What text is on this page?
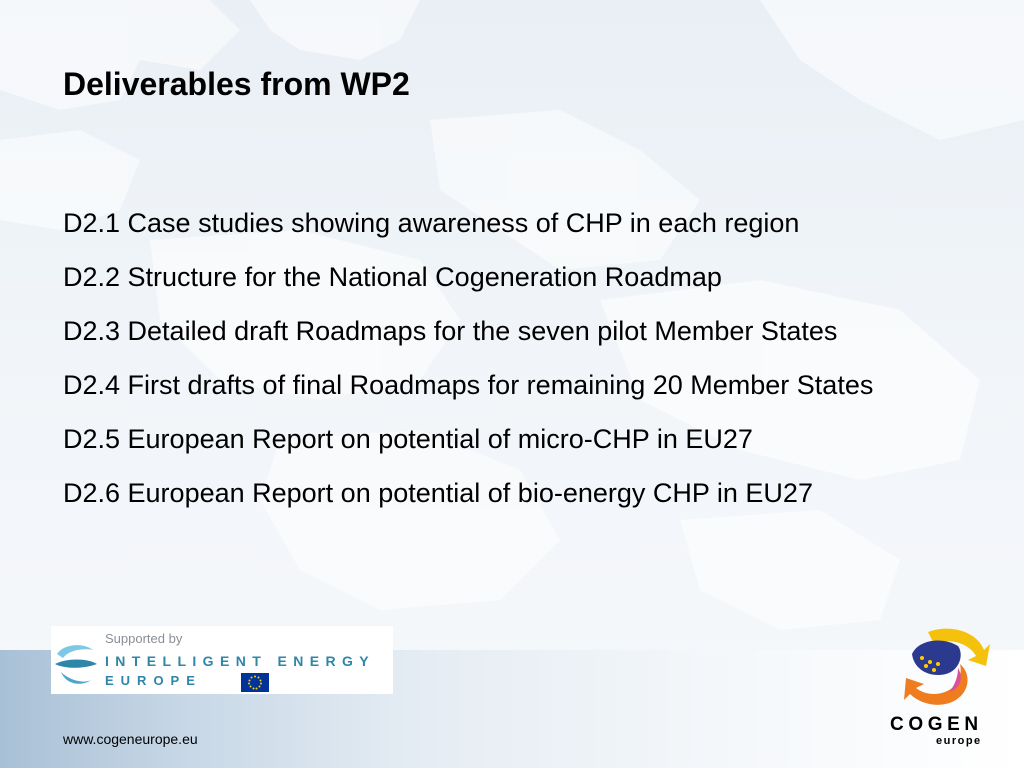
Deliverables from WP2
D2.1 Case studies showing awareness of CHP in each region
D2.2 Structure for the National Cogeneration Roadmap
D2.3 Detailed draft Roadmaps for the seven pilot Member States
D2.4 First drafts of final Roadmaps for remaining 20 Member States
D2.5 European Report on potential of micro-CHP in EU27
D2.6 European Report on potential of bio-energy CHP in EU27
Supported by
INTELLIGENT ENERGY
EUROPE
COGEN
europe
www.cogeneurope.eu
